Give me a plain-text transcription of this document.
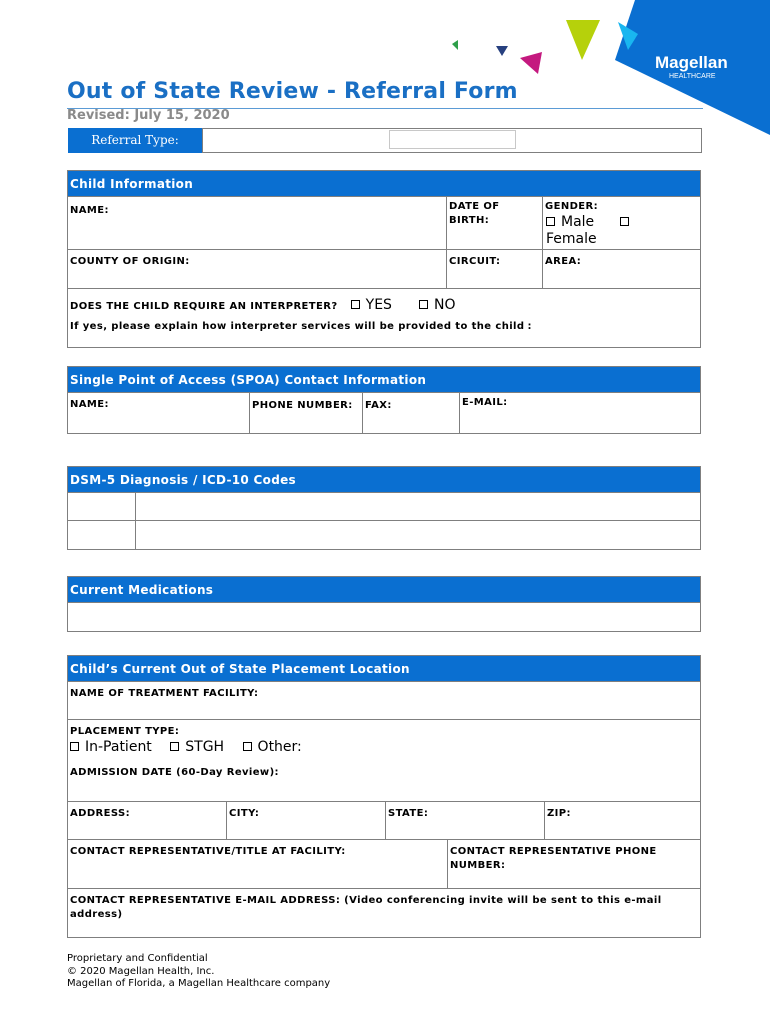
Magellan
HEALTHCARE
Out of State Review - Referral Form
Revised: July 15, 2020
Referral Type:
Child Information
NAME:	DATE OF BIRTH:
GENDER:
Male
Female
COUNTY OF ORIGIN:	CIRCUIT:	AREA:
DOES THE CHILD REQUIRE AN INTERPRETER? YES	NO
If yes, please explain how interpreter services will be provided to the child :
Single Point of Access (SPOA) Contact Information
NAME:	PHONE NUMBER:	FAX:	E-MAIL:
DSM-5 Diagnosis / ICD-10 Codes
Current Medications
Child’s Current Out of State Placement Location
NAME OF TREATMENT FACILITY:
PLACEMENT TYPE:
In-Patient STGH Other:
ADMISSION DATE (60-Day Review):
ADDRESS:	CITY:	STATE:	ZIP:
CONTACT REPRESENTATIVE/TITLE AT FACILITY:	CONTACT REPRESENTATIVE PHONE NUMBER:
CONTACT REPRESENTATIVE E-MAIL ADDRESS: (Video conferencing invite will be sent to this e-mail address)
Proprietary and Confidential
© 2020 Magellan Health, Inc.
Magellan of Florida, a Magellan Healthcare company
